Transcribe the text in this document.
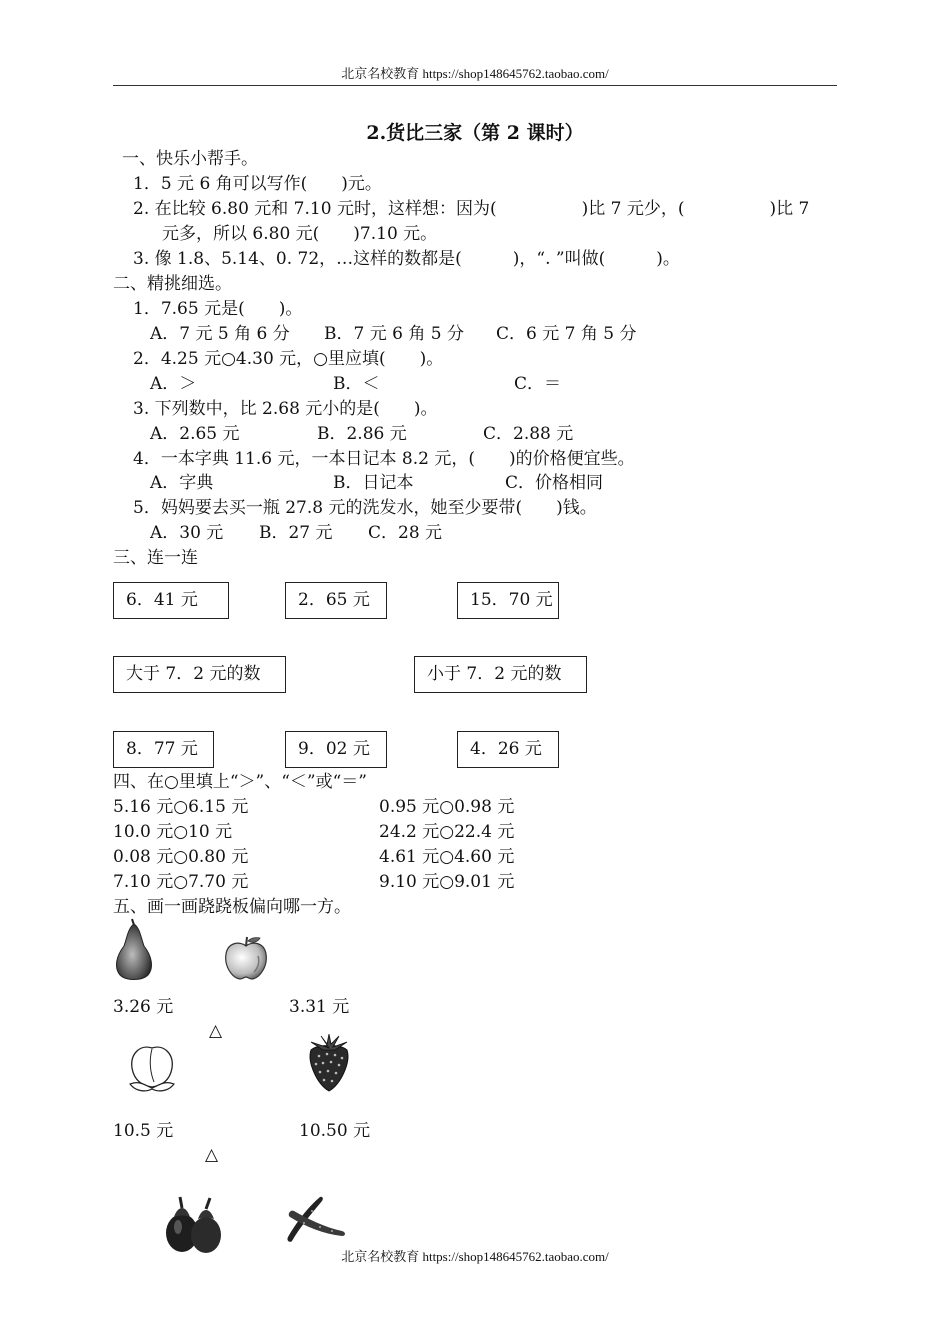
北京名校教育 https://shop148645762.taobao.com/
2.货比三家（第 2 课时）
一、快乐小帮手。
1．5 元 6 角可以写作(　　)元。
2. 在比较 6.80 元和 7.10 元时，这样想：因为(　　　　　)比 7 元少，(　　　　　)比 7
元多，所以 6.80 元(　　)7.10 元。
3. 像 1.8、5.14、0. 72，…这样的数都是(　　　)，“. ”叫做(　　　)。
二、精挑细选。
1．7.65 元是(　　)。
A．7 元 5 角 6 分 B．7 元 6 角 5 分 C．6 元 7 角 5 分
2．4.25 元○4.30 元，○里应填(　　)。
A．＞	B．＜	C．＝
3. 下列数中，比 2.68 元小的是(　　)。
A．2.65 元	B．2.86 元	C．2.88 元
4．一本字典 11.6 元，一本日记本 8.2 元，(　　)的价格便宜些。
A．字典	B．日记本	C．价格相同
5．妈妈要去买一瓶 27.8 元的洗发水，她至少要带(　　)钱。
A．30 元 B．27 元 C．28 元
三、连一连
6．41 元	2．65 元	15．70 元
大于 7．2 元的数	小于 7．2 元的数
8．77 元	9．02 元	4．26 元
四、在○里填上“＞”、“＜”或“＝”
5.16 元○6.15 元	0.95 元○0.98 元
10.0 元○10 元	24.2 元○22.4 元
0.08 元○0.80 元	4.61 元○4.60 元
7.10 元○7.70 元	9.10 元○9.01 元
五、画一画跷跷板偏向哪一方。
3.26 元	3.31 元
△
10.5 元	10.50 元
△
北京名校教育 https://shop148645762.taobao.com/
